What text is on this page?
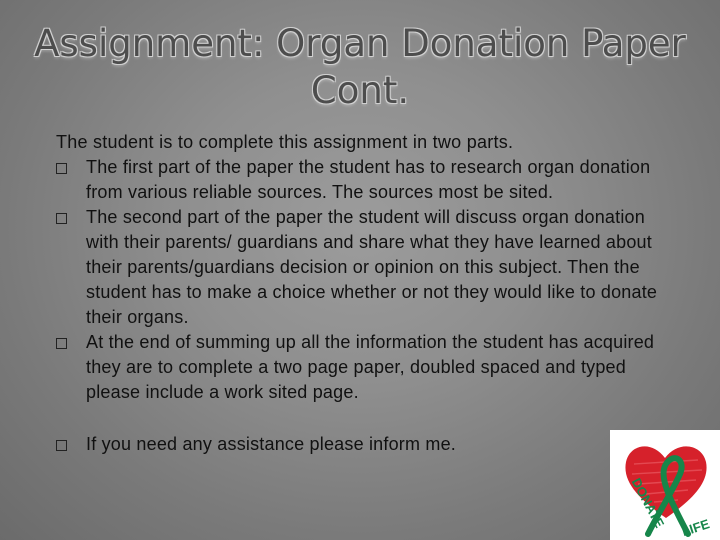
Assignment: Organ Donation Paper
Cont.

The student is to complete this assignment in two parts.

The first part of the paper the student has to research organ donation from various reliable sources. The sources most be sited.
The second part of the paper the student will discuss organ donation with their parents/ guardians and share what they have learned about their parents/guardians decision or opinion on this subject. Then the student has to make a choice whether or not they would like to donate their organs.
At the end of summing up all the information the student has acquired they are to complete a two page paper, doubled spaced and typed please include a work sited page.
If you need any assistance please inform me.
DONATE LIFE
